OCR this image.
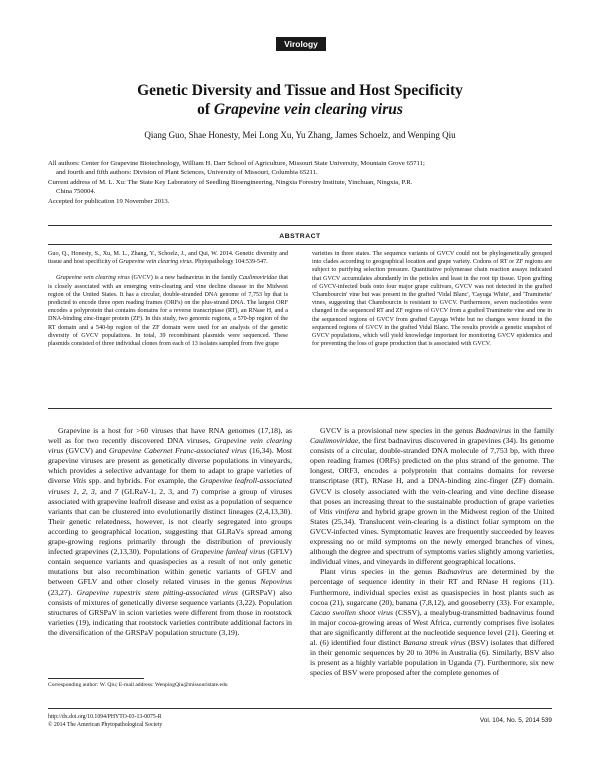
Virology
Genetic Diversity and Tissue and Host Specificity
of Grapevine vein clearing virus
Qiang Guo, Shae Honesty, Mei Long Xu, Yu Zhang, James Schoelz, and Wenping Qiu

All authors: Center for Grapevine Biotechnology, William H. Darr School of Agriculture, Missouri State University, Mountain Grove 65711;

and fourth and fifth authors: Division of Plant Sciences, University of Missouri, Columbia 65211.

Current address of M. L. Xu: The State Key Laboratory of Seedling Bioengineering, Ningxia Forestry Institute, Yinchuan, Ningxia, P.R.

China 750004.

Accepted for publication 19 November 2013.

ABSTRACT

Guo, Q., Honesty, S., Xu, M. L., Zhang, Y., Schoelz, J., and Qui, W. 2014. Genetic diversity and tissue and host specificity of Grapevine vein clearing virus. Phytopathology 104:539-547.

Grapevine vein clearing virus (GVCV) is a new badnavirus in the family Caulimoviridae that is closely associated with an emerging vein-clearing and vine decline disease in the Midwest region of the United States. It has a circular, double-stranded DNA genome of 7,753 bp that is predicted to encode three open reading frames (ORFs) on the plus-strand DNA. The largest ORF encodes a polyprotein that contains domains for a reverse transcriptase (RT), an RNase H, and a DNA-binding zinc-finger protein (ZF). In this study, two genomic regions, a 570-bp region of the RT domain and a 540-bp region of the ZF domain were used for an analysis of the genetic diversity of GVCV populations. In total, 39 recombinant plasmids were sequenced. These plasmids consisted of three individual clones from each of 13 isolates sampled from five grape

varieties in three states. The sequence variants of GVCV could not be phylogenetically grouped into clades according to geographical location and grape variety. Codons of RT or ZF regions are subject to purifying selection pressure. Quantitative polymerase chain reaction assays indicated that GVCV accumulates abundantly in the petioles and least in the root tip tissue. Upon grafting of GVCV-infected buds onto four major grape cultivars, GVCV was not detected in the grafted 'Chambourcin' vine but was present in the grafted 'Vidal Blanc', 'Cayuga White', and 'Traminette' vines, suggesting that Chambourcin is resistant to GVCV. Furthermore, seven nucleotides were changed in the sequenced RT and ZF regions of GVCV from a grafted Traminette vine and one in the sequenced regions of GVCV from grafted Cayuga White but no changes were found in the sequenced regions of GVCV in the grafted Vidal Blanc. The results provide a genetic snapshot of GVCV populations, which will yield knowledge important for monitoring GVCV epidemics and for preventing the loss of grape production that is associated with GVCV.

Grapevine is a host for >60 viruses that have RNA genomes (17,18), as well as for two recently discovered DNA viruses, Grapevine vein clearing virus (GVCV) and Grapevine Cabernet Franc-associated virus (16,34). Most grapevine viruses are present as genetically diverse populations in vineyards, which provides a selective advantage for them to adapt to grape varieties of diverse Vitis spp. and hybrids. For example, the Grapevine leafroll-associated viruses 1, 2, 3, and 7 (GLRaV-1, 2, 3, and 7) comprise a group of viruses associated with grapevine leafroll disease and exist as a population of sequence variants that can be clustered into evolutionarily distinct lineages (2,4,13,30). Their genetic relatedness, however, is not clearly segregated into groups according to geographical location, suggesting that GLRaVs spread among grape-growing regions primarily through the distribution of previously infected grapevines (2,13,30). Populations of Grapevine fanleaf virus (GFLV) contain sequence variants and quasispecies as a result of not only genetic mutations but also recombination within genetic variants of GFLV and between GFLV and other closely related viruses in the genus Nepovirus (23,27). Grapevine rupestris stem pitting-associated virus (GRSPaV) also consists of mixtures of genetically diverse sequence variants (3,22). Population structures of GRSPaV in scion varieties were different from those in rootstock varieties (19), indicating that rootstock varieties contribute additional factors in the diversification of the GRSPaV population structure (3,19).

GVCV is a provisional new species in the genus Badnavirus in the family Caulimoviridae, the first badnavirus discovered in grapevines (34). Its genome consists of a circular, double-stranded DNA molecule of 7,753 bp, with three open reading frames (ORFs) predicted on the plus strand of the genome. The longest, ORF3, encodes a polyprotein that contains domains for reverse transcriptase (RT), RNase H, and a DNA-binding zinc-finger (ZF) domain. GVCV is closely associated with the vein-clearing and vine decline disease that poses an increasing threat to the sustainable production of grape varieties of Vitis vinifera and hybrid grape grown in the Midwest region of the United States (25,34). Translucent vein-clearing is a distinct foliar symptom on the GVCV-infected vines. Symptomatic leaves are frequently succeeded by leaves expressing no or mild symptoms on the newly emerged branches of vines, although the degree and spectrum of symptoms varies slightly among varieties, individual vines, and vineyards in different geographical locations.

Plant virus species in the genus Badnavirus are determined by the percentage of sequence identity in their RT and RNase H regions (11). Furthermore, individual species exist as quasispecies in host plants such as cocoa (21), sugarcane (20), banana (7,8,12), and gooseberry (33). For example, Cacao swollen shoot virus (CSSV), a mealybug-transmitted badnavirus found in major cocoa-growing areas of West Africa, currently comprises five isolates that are significantly different at the nucleotide sequence level (21). Geering et al. (6) identified four distinct Banana streak virus (BSV) isolates that differed in their genomic sequences by 20 to 30% in Australia (6). Similarly, BSV also is present as a highly variable population in Uganda (7). Furthermore, six new species of BSV were proposed after the complete genomes of

Corresponding author: W. Qiu; E-mail address: WenpingQiu@missouristate.edu

http://dx.doi.org/10.1094/PHYTO-03-13-0075-R

© 2014 The American Phytopathological Society

Vol. 104, No. 5, 2014 539
